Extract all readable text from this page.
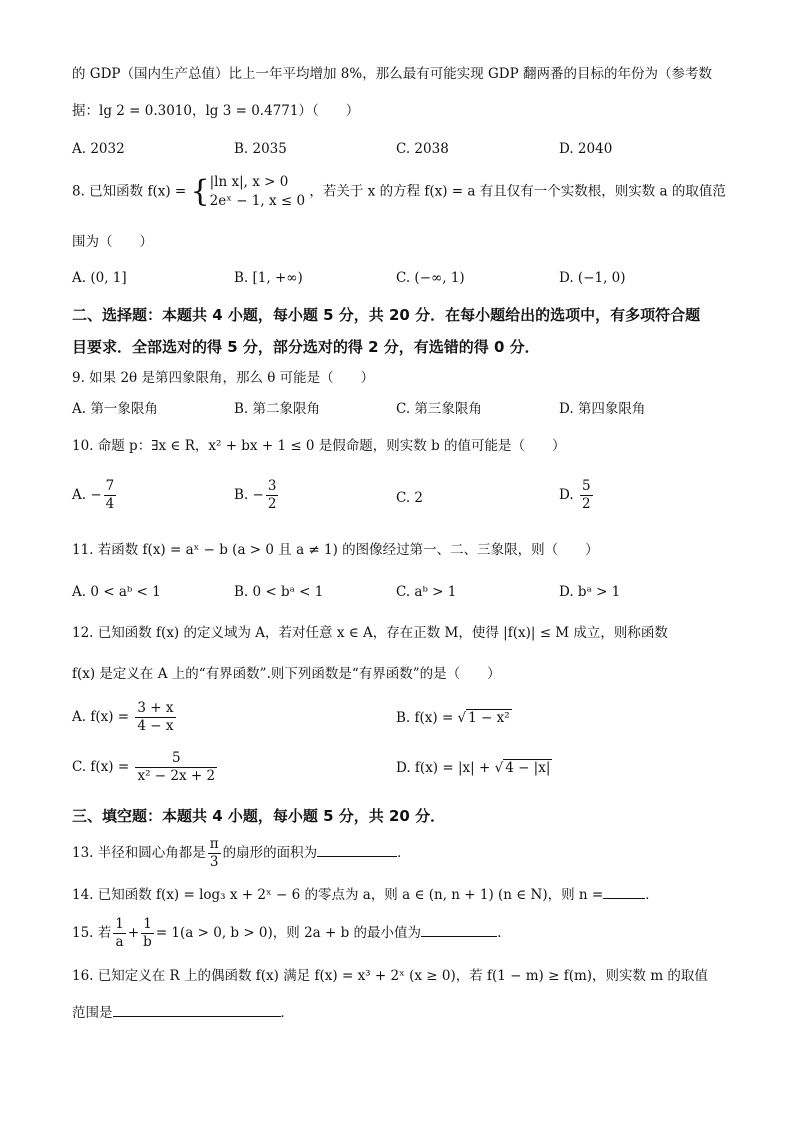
的 GDP（国内生产总值）比上一年平均增加 8%，那么最有可能实现 GDP 翻两番的目标的年份为（参考数
据：lg 2 = 0.3010，lg 3 = 0.4771）（　　）
A. 2032	B. 2035	C. 2038	D. 2040
8. 已知函数 f(x) = { |ln x|, x > 0
2eˣ − 1, x ≤ 0
，若关于 x 的方程 f(x) = a 有且仅有一个实数根，则实数 a 的取值范
围为（　　）
A. (0, 1]	B. [1, +∞)	C. (−∞, 1)	D. (−1, 0)
二、选择题：本题共 4 小题，每小题 5 分，共 20 分．在每小题给出的选项中，有多项符合题
目要求．全部选对的得 5 分，部分选对的得 2 分，有选错的得 0 分．
9. 如果 2θ 是第四象限角，那么 θ 可能是（　　）
A. 第一象限角	B. 第二象限角	C. 第三象限角	D. 第四象限角
10. 命题 p：∃x ∈ R，x² + bx + 1 ≤ 0 是假命题，则实数 b 的值可能是（　　）
A. − $\frac{7}{4}$	B. − $\frac{3}{2}$	C. 2	D. $\frac{5}{2}$
11. 若函数 f(x) = aˣ − b (a > 0 且 a ≠ 1) 的图像经过第一、二、三象限，则（　　）
A. 0 < aᵇ < 1	B. 0 < bᵃ < 1	C. aᵇ > 1	D. bᵃ > 1
12. 已知函数 f(x) 的定义域为 A，若对任意 x ∈ A，存在正数 M，使得 |f(x)| ≤ M 成立，则称函数
f(x) 是定义在 A 上的“有界函数”.则下列函数是“有界函数”的是（　　）
A. $f(x) = \frac{3 + x}{4 - x}$	B. f(x) = √ 1 − x²
C. $f(x) = \frac{5}{\text{x² − 2x + 2}}$	D. f(x) = |x| + √ 4 − |x|
三、填空题：本题共 4 小题，每小题 5 分，共 20 分．
13. 半径和圆心角都是 $\frac{\pi}{3}$ 的扇形的面积为	．
14. 已知函数 f(x) = log₃ x + 2ˣ − 6 的零点为 a，则 a ∈ (n, n + 1) (n ∈ N)，则 n =	．
15. 若 $\frac{1}{a} + \frac{1}{b} = 1(a > 0$, b > 0)，则 2a + b 的最小值为	.
16. 已知定义在 R 上的偶函数 f(x) 满足 f(x) = x³ + 2ˣ (x ≥ 0)，若 f(1 − m) ≥ f(m)，则实数 m 的取值
范围是	．
